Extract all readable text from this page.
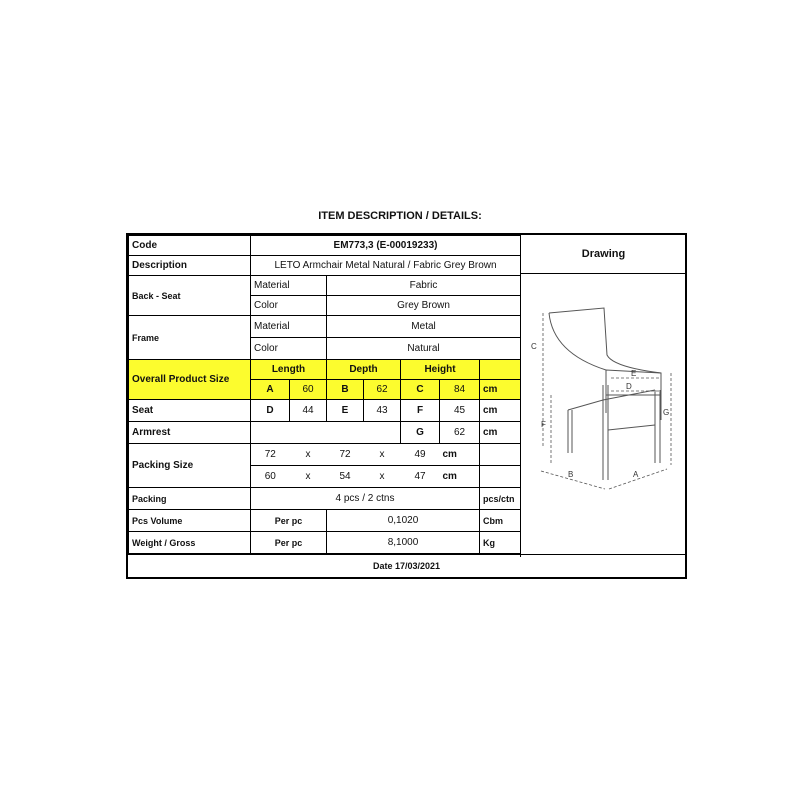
ITEM DESCRIPTION / DETAILS:
Code	EM773,3 (E-00019233)						
Description	LETO Armchair Metal Natural / Fabric Grey Brown						
Back - Seat	Material		Fabric				
	Color		Grey Brown				
Frame	Material		Metal				
	Color		Natural				
Overall Product Size	Length		Depth		Height		
	A	60	B	62	C	84	cm
Seat	D	44	E	43	F	45	cm
Armrest					G	62	cm
Packing Size	72	x	72	x	49	cm	
	60	x	54	x	47	cm	
Packing	4 pcs / 2 ctns						pcs/ctn
Pcs Volume	Per pc		0,1020				Cbm
Weight / Gross	Per pc		8,1000				Kg
Drawing
C
E
D
F
G
B	A
Date 17/03/2021
